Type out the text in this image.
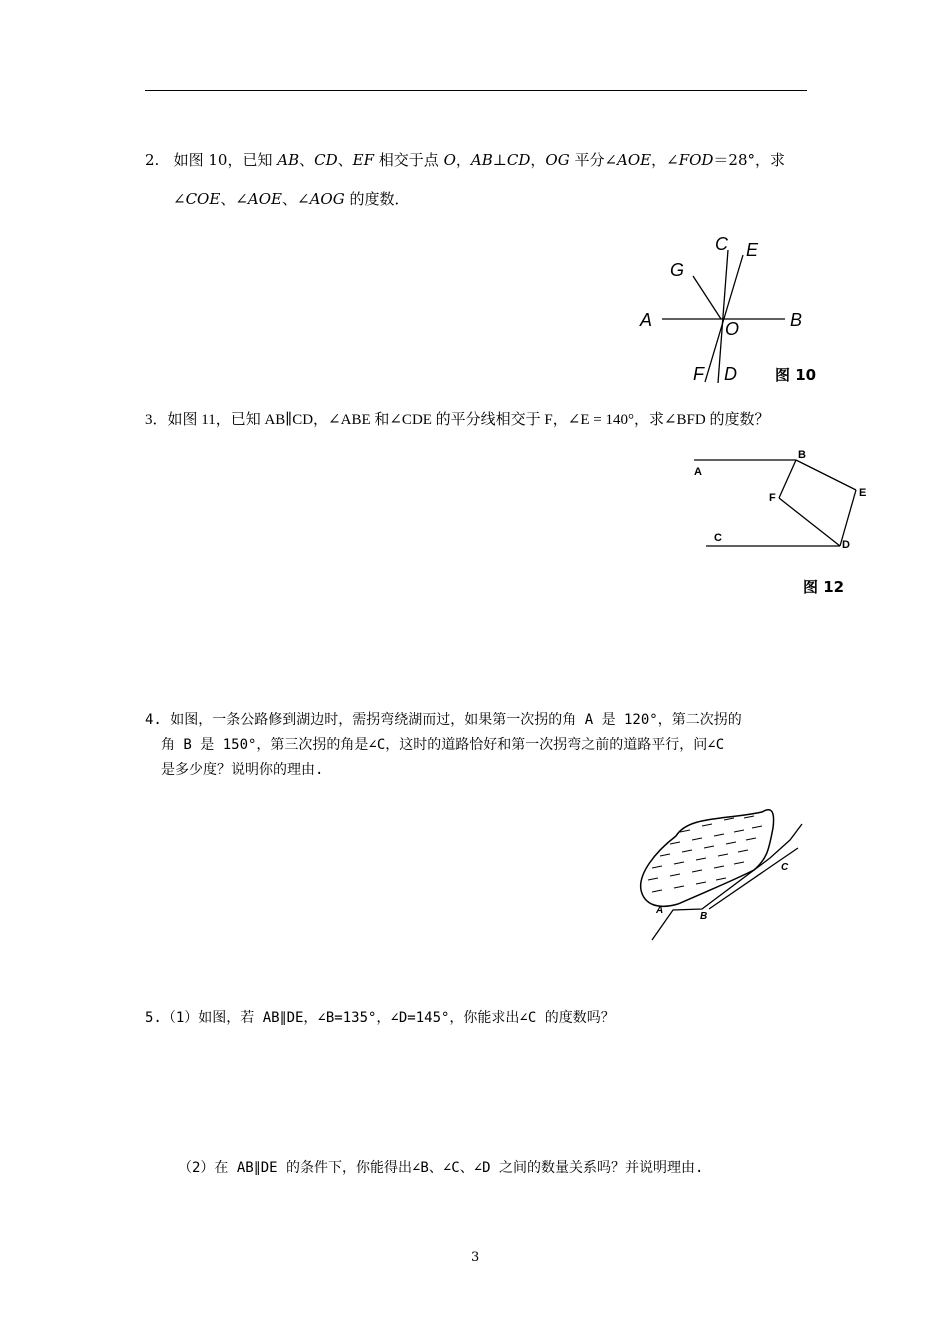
2. 如图 10，已知 AB、CD、EF 相交于点 O，AB⊥CD，OG 平分∠AOE，∠FOD＝28°，求
∠COE、∠AOE、∠AOG 的度数．
C E
G
A	O	B
F D	图 10
3．如图 11，已知 AB∥CD，∠ABE 和∠CDE 的平分线相交于 F，∠E = 140°，求∠BFD 的度数？
A
B
E
F
C
D
图 12
4. 如图，一条公路修到湖边时，需拐弯绕湖而过，如果第一次拐的角 A 是 120°，第二次拐的
角 B 是 150°，第三次拐的角是∠C，这时的道路恰好和第一次拐弯之前的道路平行，问∠C
是多少度？说明你的理由.
A
B
C
5.（1）如图，若 AB∥DE，∠B=135°，∠D=145°，你能求出∠C 的度数吗？
（2）在 AB∥DE 的条件下，你能得出∠B、∠C、∠D 之间的数量关系吗？并说明理由.
3
